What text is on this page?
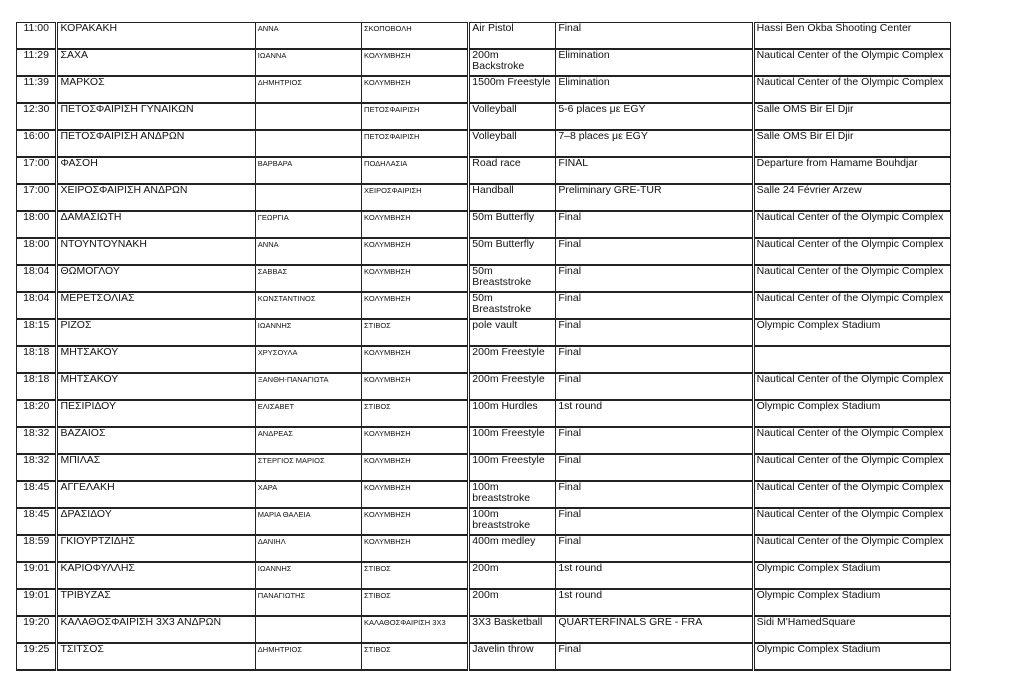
11:00	ΚΟΡΑΚΑΚΗ	ΑΝΝΑ	ΣΚΟΠΟΒΟΛΗ	Air Pistol	Final	Hassi Ben Okba Shooting Center
11:29	ΣΑΧΑ	ΙΩΑΝΝΑ	ΚΟΛΥΜΒΗΣΗ	200m Backstroke	Elimination	Nautical Center of the Olympic Complex
11:39	ΜΑΡΚΟΣ	ΔΗΜΗΤΡΙΟΣ	ΚΟΛΥΜΒΗΣΗ	1500m Freestyle	Elimination	Nautical Center of the Olympic Complex
12:30	ΠΕΤΟΣΦΑΙΡΙΣΗ ΓΥΝΑΙΚΩΝ		ΠΕΤΟΣΦΑΙΡΙΣΗ	Volleyball	5-6 places με EGY	Salle OMS Bir El Djir
16:00	ΠΕΤΟΣΦΑΙΡΙΣΗ ΑΝΔΡΩΝ		ΠΕΤΟΣΦΑΙΡΙΣΗ	Volleyball	7–8 places με EGY	Salle OMS Bir El Djir
17:00	ΦΑΣΟΗ	ΒΑΡΒΑΡΑ	ΠΟΔΗΛΑΣΙΑ	Road race	FINAL	Departure from Hamame Bouhdjar
17:00	ΧΕΙΡΟΣΦΑΙΡΙΣΗ ΑΝΔΡΩΝ		ΧΕΙΡΟΣΦΑΙΡΙΣΗ	Handball	Preliminary GRE-TUR	Salle 24 Février Arzew
18:00	ΔΑΜΑΣΙΩΤΗ	ΓΕΩΡΓΙΑ	ΚΟΛΥΜΒΗΣΗ	50m Butterfly	Final	Nautical Center of the Olympic Complex
18:00	ΝΤΟΥΝΤΟΥΝΑΚΗ	ΑΝΝΑ	ΚΟΛΥΜΒΗΣΗ	50m Butterfly	Final	Nautical Center of the Olympic Complex
18:04	ΘΩΜΟΓΛΟΥ	ΣΑΒΒΑΣ	ΚΟΛΥΜΒΗΣΗ	50m Breaststroke	Final	Nautical Center of the Olympic Complex
18:04	ΜΕΡΕΤΣΟΛΙΑΣ	ΚΩΝΣΤΑΝΤΙΝΟΣ	ΚΟΛΥΜΒΗΣΗ	50m Breaststroke	Final	Nautical Center of the Olympic Complex
18:15	ΡΙΖΟΣ	ΙΩΑΝΝΗΣ	ΣΤΙΒΟΣ	pole vault	Final	Olympic Complex Stadium
18:18	ΜΗΤΣΑΚΟΥ	ΧΡΥΣΟΥΛΑ	ΚΟΛΥΜΒΗΣΗ	200m Freestyle	Final	
18:18	ΜΗΤΣΑΚΟΥ	ΞΑΝΘΗ-ΠΑΝΑΓΙΩΤΑ	ΚΟΛΥΜΒΗΣΗ	200m Freestyle	Final	Nautical Center of the Olympic Complex
18:20	ΠΕΣΙΡΙΔΟΥ	ΕΛΙΣΑΒΕΤ	ΣΤΙΒΟΣ	100m Hurdles	1st round	Olympic Complex Stadium
18:32	ΒΑΖΑΙΟΣ	ΑΝΔΡΕΑΣ	ΚΟΛΥΜΒΗΣΗ	100m Freestyle	Final	Nautical Center of the Olympic Complex
18:32	ΜΠΙΛΑΣ	ΣΤΕΡΓΙΟΣ ΜΑΡΙΟΣ	ΚΟΛΥΜΒΗΣΗ	100m Freestyle	Final	Nautical Center of the Olympic Complex
18:45	ΑΓΓΕΛΑΚΗ	ΧΑΡΑ	ΚΟΛΥΜΒΗΣΗ	100m breaststroke	Final	Nautical Center of the Olympic Complex
18:45	ΔΡΑΣΙΔΟΥ	ΜΑΡΙΑ ΘΑΛΕΙΑ	ΚΟΛΥΜΒΗΣΗ	100m breaststroke	Final	Nautical Center of the Olympic Complex
18:59	ΓΚΙΟΥΡΤΖΙΔΗΣ	ΔΑΝΙΗΛ	ΚΟΛΥΜΒΗΣΗ	400m medley	Final	Nautical Center of the Olympic Complex
19:01	ΚΑΡΙΟΦΥΛΛΗΣ	ΙΩΑΝΝΗΣ	ΣΤΙΒΟΣ	200m	1st round	Olympic Complex Stadium
19:01	ΤΡΙΒΥΖΑΣ	ΠΑΝΑΓΙΩΤΗΣ	ΣΤΙΒΟΣ	200m	1st round	Olympic Complex Stadium
19:20	ΚΑΛΑΘΟΣΦΑΙΡΙΣΗ 3Χ3 ΑΝΔΡΩΝ		ΚΑΛΑΘΟΣΦΑΙΡΙΣΗ 3Χ3	3X3 Basketball	QUARTERFINALS GRE - FRA	Sidi M'HamedSquare
19:25	ΤΣΙΤΣΟΣ	ΔΗΜΗΤΡΙΟΣ	ΣΤΙΒΟΣ	Javelin throw	Final	Olympic Complex Stadium
